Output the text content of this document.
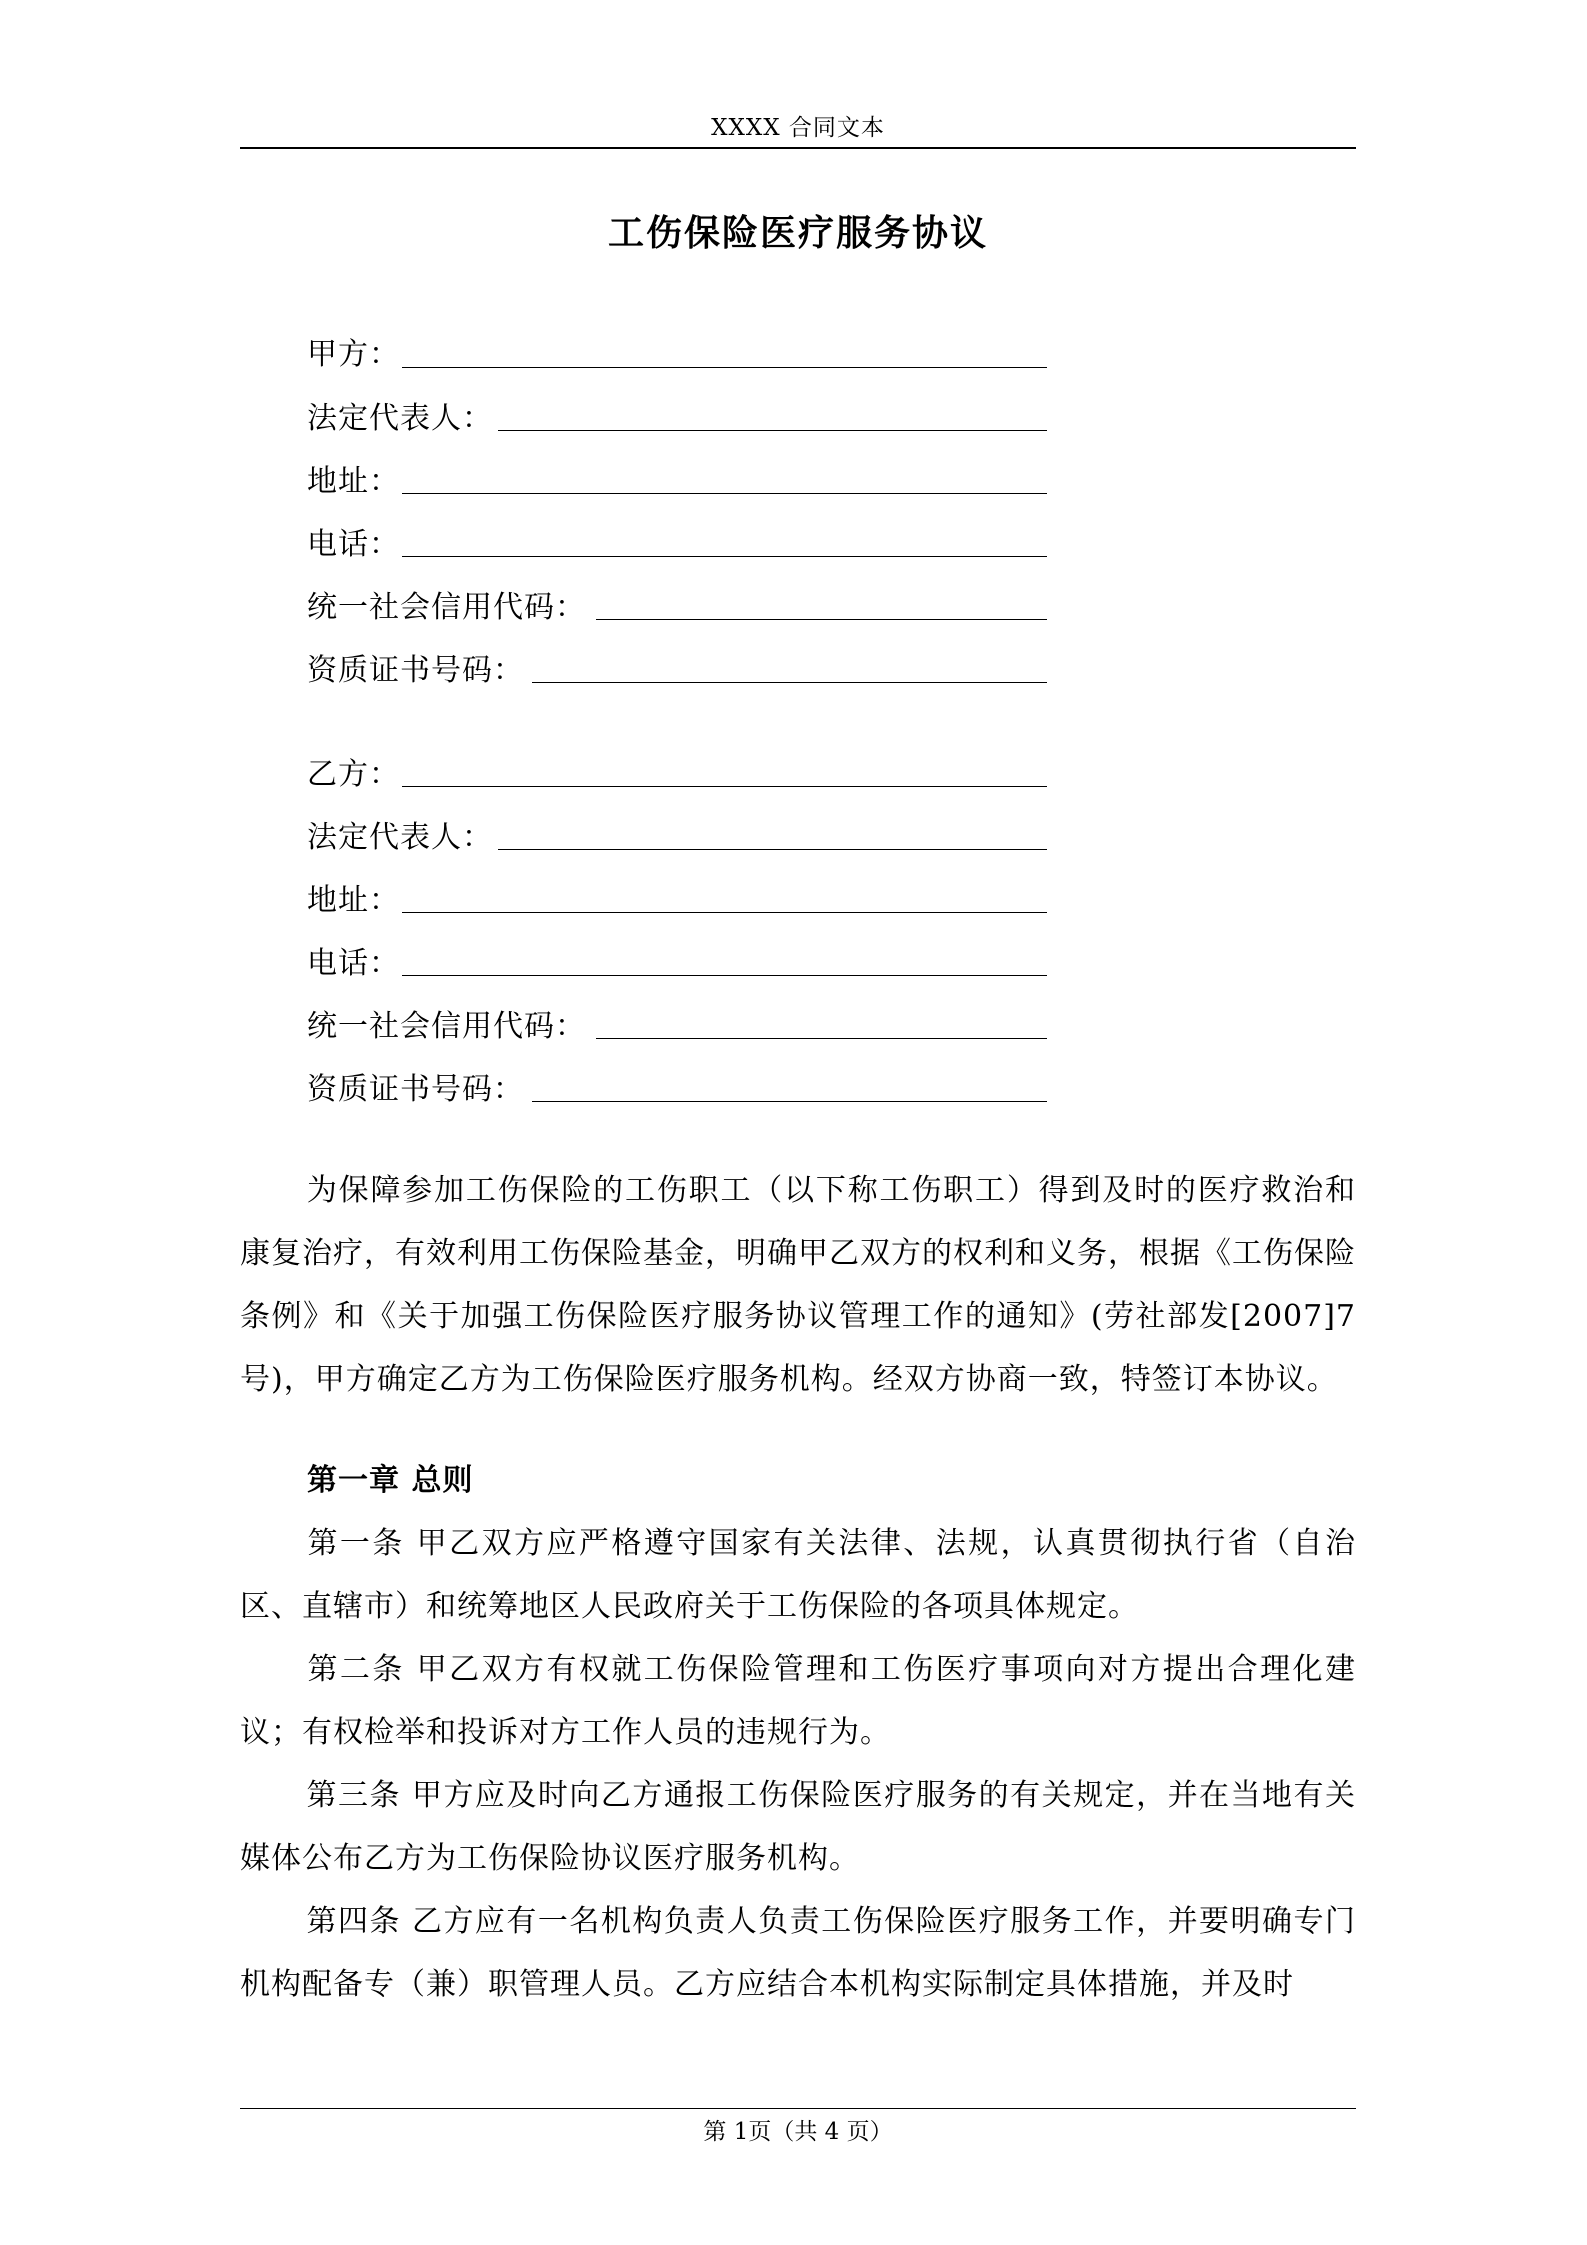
XXXX 合同文本
工伤保险医疗服务协议
甲方：
法定代表人：
地址：
电话：
统一社会信用代码：
资质证书号码：
乙方：
法定代表人：
地址：
电话：
统一社会信用代码：
资质证书号码：
为保障参加工伤保险的工伤职工（以下称工伤职工）得到及时的医疗救治和康复治疗，有效利用工伤保险基金，明确甲乙双方的权利和义务，根据《工伤保险条例》和《关于加强工伤保险医疗服务协议管理工作的通知》(劳社部发[2007]7号)，甲方确定乙方为工伤保险医疗服务机构。经双方协商一致，特签订本协议。
第一章 总则
第一条 甲乙双方应严格遵守国家有关法律、法规，认真贯彻执行省（自治区、直辖市）和统筹地区人民政府关于工伤保险的各项具体规定。
第二条 甲乙双方有权就工伤保险管理和工伤医疗事项向对方提出合理化建议；有权检举和投诉对方工作人员的违规行为。
第三条 甲方应及时向乙方通报工伤保险医疗服务的有关规定，并在当地有关媒体公布乙方为工伤保险协议医疗服务机构。
第四条 乙方应有一名机构负责人负责工伤保险医疗服务工作，并要明确专门机构配备专（兼）职管理人员。乙方应结合本机构实际制定具体措施，并及时
第 1页（共 4 页）
